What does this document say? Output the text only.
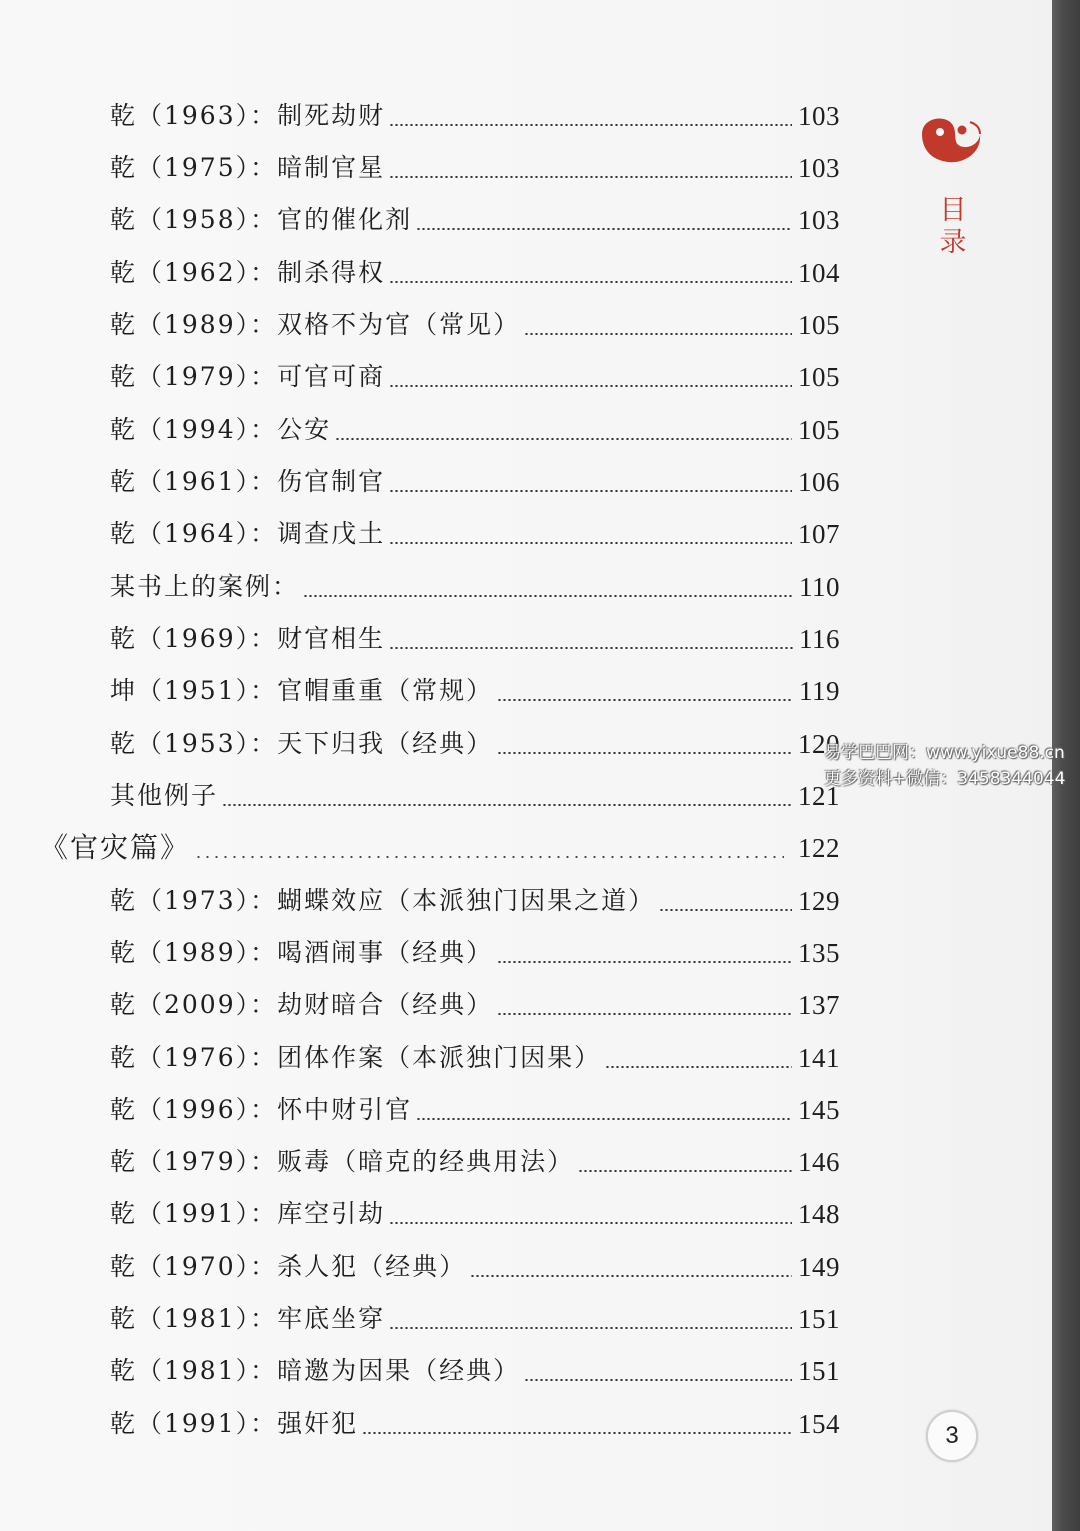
乾（1963）：制死劫财	103
乾（1975）：暗制官星	103
乾（1958）：官的催化剂	103
乾（1962）：制杀得权	104
乾（1989）：双格不为官（常见）	105
乾（1979）：可官可商	105
乾（1994）：公安	105
乾（1961）：伤官制官	106
乾（1964）：调查戊土	107
某书上的案例：	110
乾（1969）：财官相生	116
坤（1951）：官帽重重（常规）	119
乾（1953）：天下归我（经典）	120
其他例子	121
《官灾篇》	122
乾（1973）：蝴蝶效应（本派独门因果之道）	129
乾（1989）：喝酒闹事（经典）	135
乾（2009）：劫财暗合（经典）	137
乾（1976）：团体作案（本派独门因果）	141
乾（1996）：怀中财引官	145
乾（1979）：贩毒（暗克的经典用法）	146
乾（1991）：库空引劫	148
乾（1970）：杀人犯（经典）	149
乾（1981）：牢底坐穿	151
乾（1981）：暗邀为因果（经典）	151
乾（1991）：强奸犯	154
目
录
3
易学巴巴网：www.yixue88.cn
更多资料+微信：3458344044
